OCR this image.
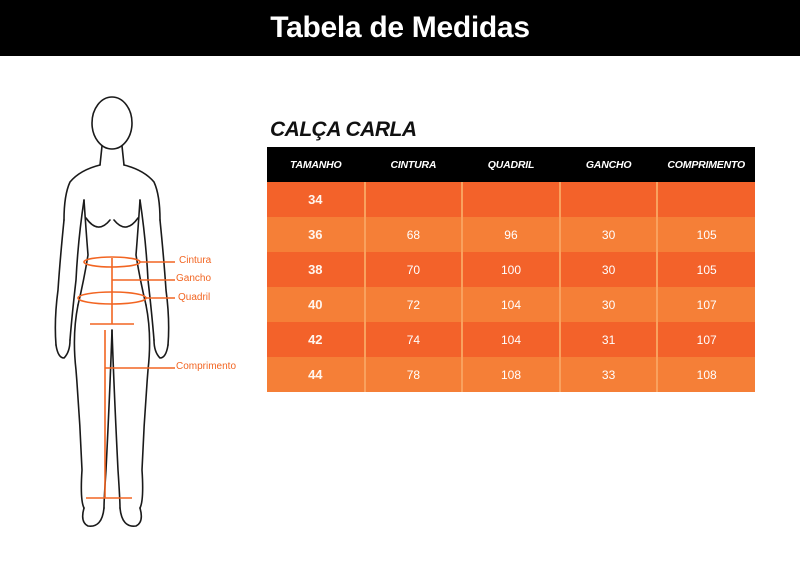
Tabela de Medidas
Cintura
Gancho
Quadril
Comprimento
CALÇA CARLA
TAMANHO	CINTURA	QUADRIL	GANCHO	COMPRIMENTO
34				
36	68	96	30	105
38	70	100	30	105
40	72	104	30	107
42	74	104	31	107
44	78	108	33	108
